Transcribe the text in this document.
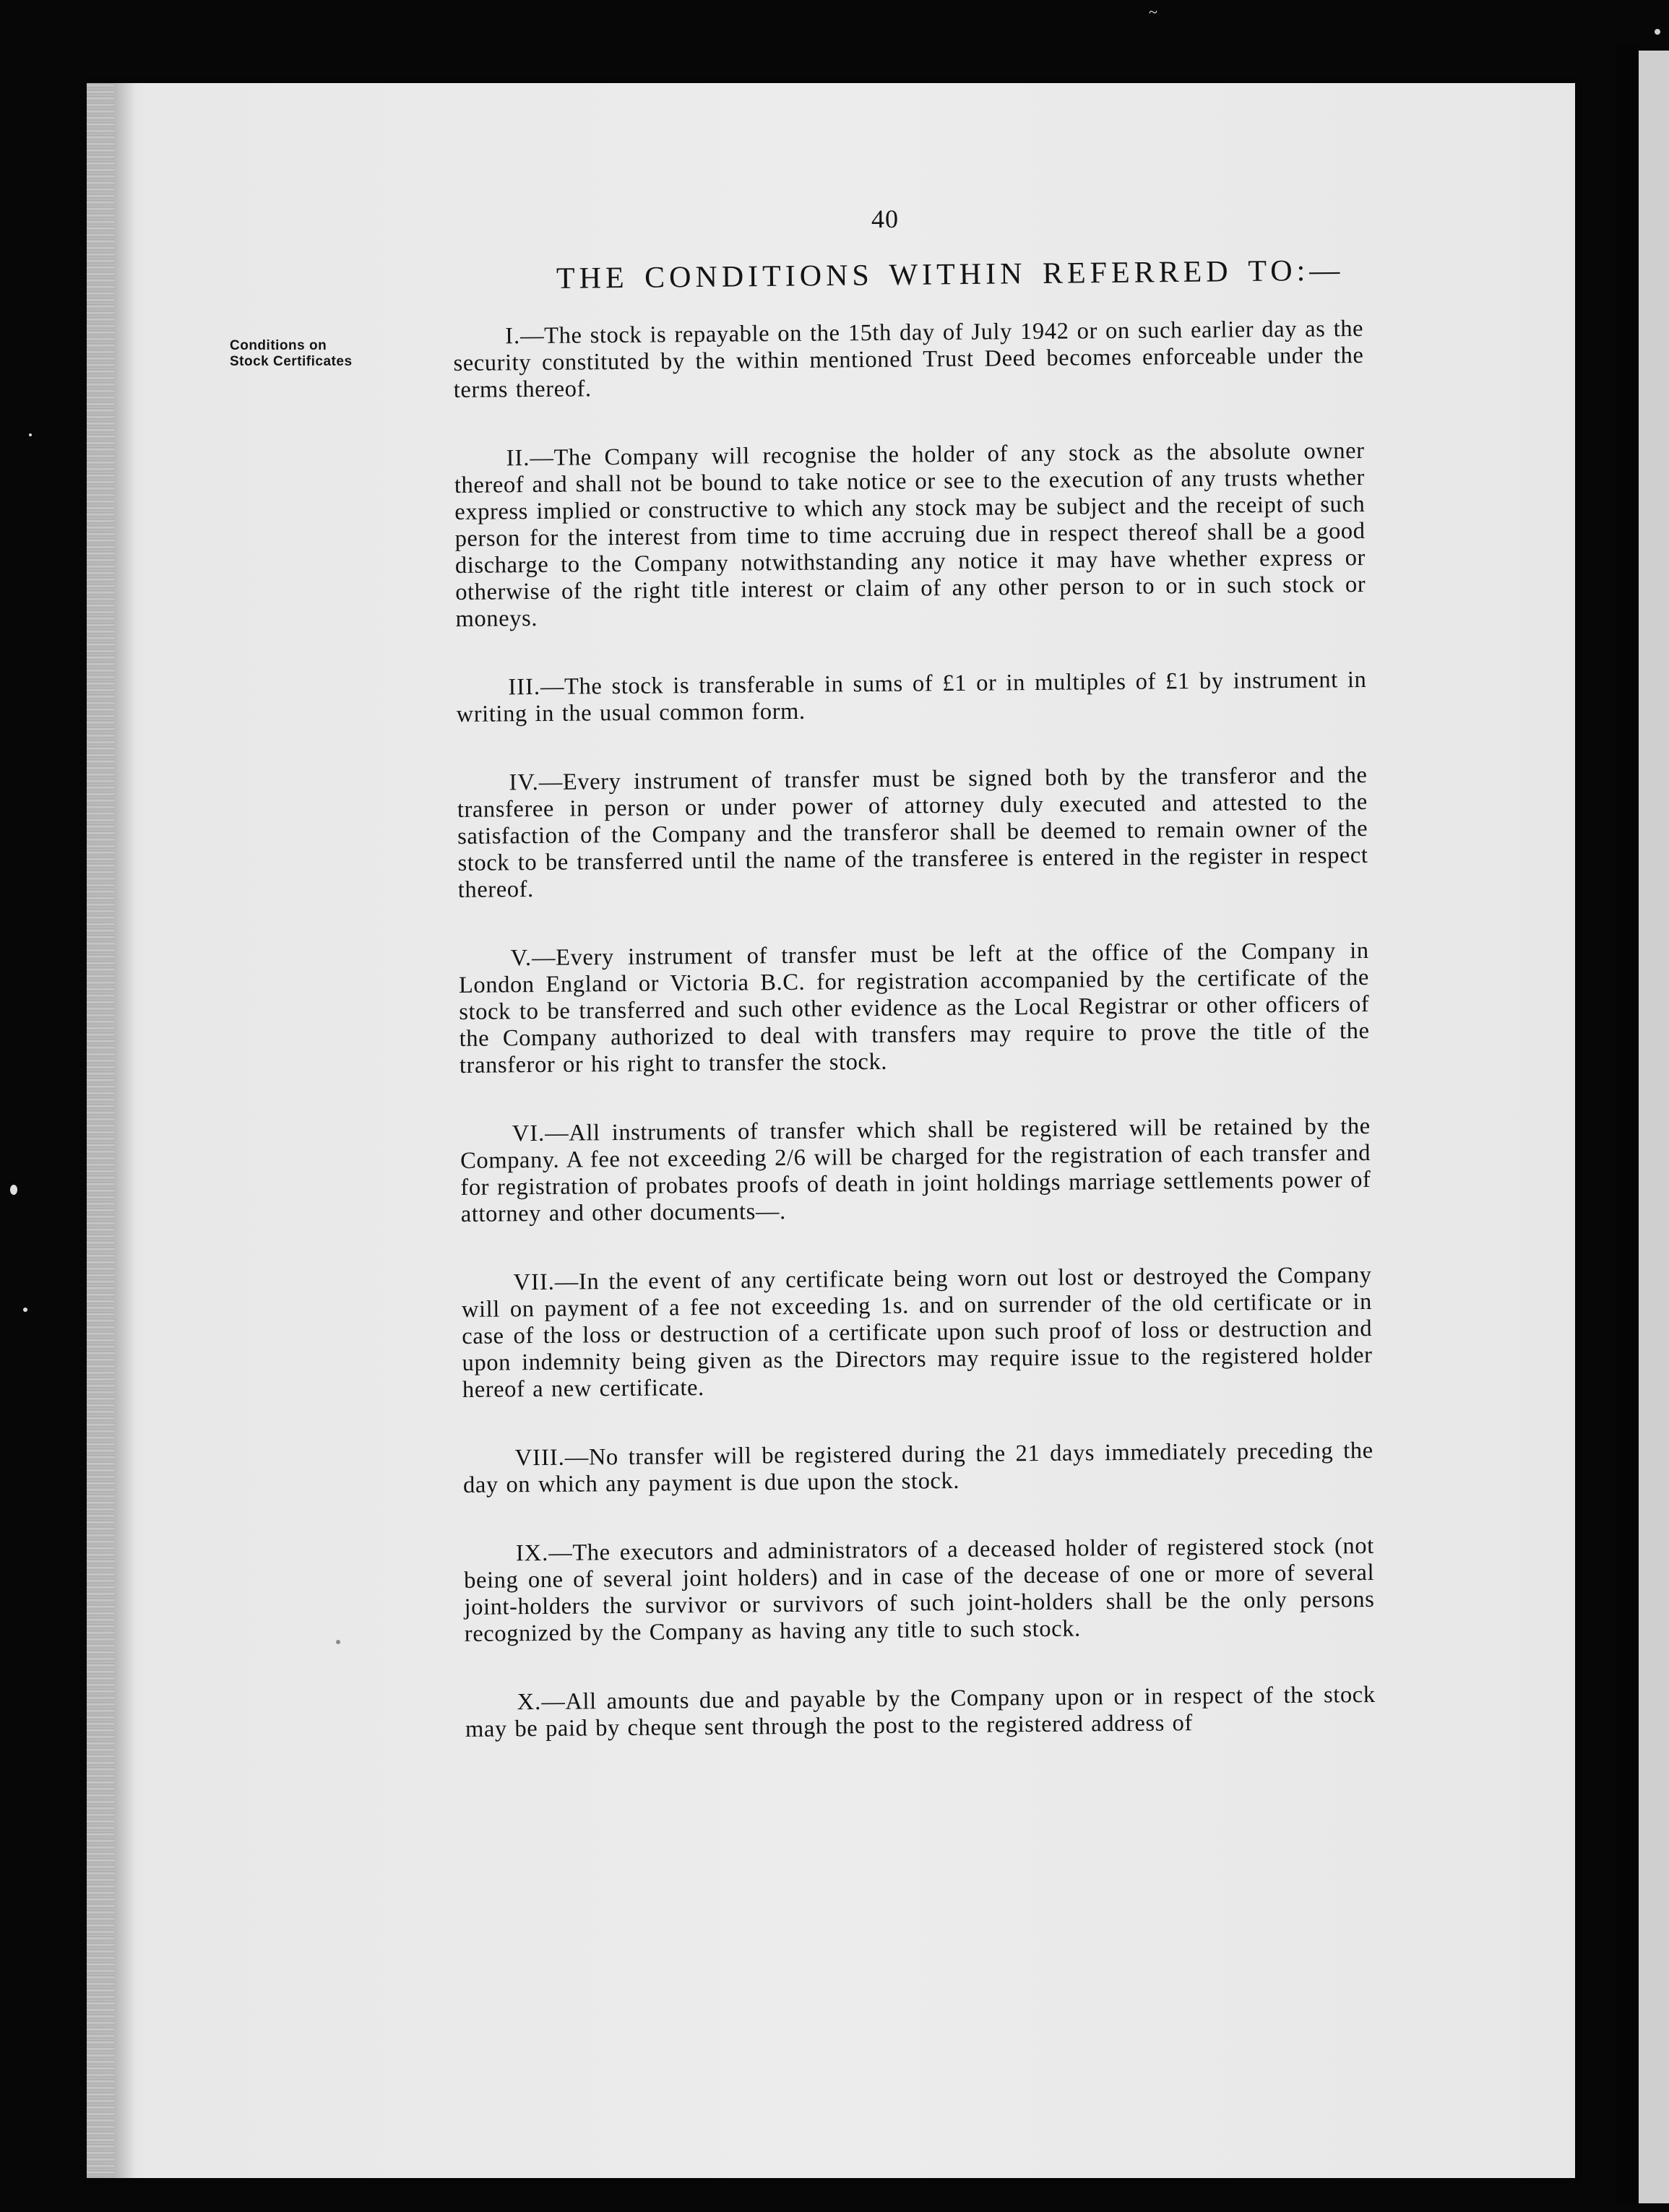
40
THE CONDITIONS WITHIN REFERRED TO:—
Conditions on
Stock Certificates

I.—The stock is repayable on the 15th day of July 1942 or on such earlier day as the security constituted by the within mentioned Trust Deed becomes enforceable under the terms thereof.

II.—The Company will recognise the holder of any stock as the absolute owner thereof and shall not be bound to take notice or see to the execution of any trusts whether express implied or constructive to which any stock may be subject and the receipt of such person for the interest from time to time accruing due in respect thereof shall be a good discharge to the Company notwithstanding any notice it may have whether express or otherwise of the right title interest or claim of any other person to or in such stock or moneys.

III.—The stock is transferable in sums of £1 or in multiples of £1 by instrument in writing in the usual common form.

IV.—Every instrument of transfer must be signed both by the transferor and the transferee in person or under power of attorney duly executed and attested to the satisfaction of the Company and the transferor shall be deemed to remain owner of the stock to be transferred until the name of the transferee is entered in the register in respect thereof.

V.—Every instrument of transfer must be left at the office of the Company in London England or Victoria B.C. for registration accompanied by the certificate of the stock to be transferred and such other evidence as the Local Registrar or other officers of the Company authorized to deal with transfers may require to prove the title of the transferor or his right to transfer the stock.

VI.—All instruments of transfer which shall be registered will be retained by the Company. A fee not exceeding 2/6 will be charged for the registration of each transfer and for registration of probates proofs of death in joint holdings marriage settlements power of attorney and other documents—.

VII.—In the event of any certificate being worn out lost or destroyed the Company will on payment of a fee not exceeding 1s. and on surrender of the old certificate or in case of the loss or destruction of a certificate upon such proof of loss or destruction and upon indemnity being given as the Directors may require issue to the registered holder hereof a new certificate.

VIII.—No transfer will be registered during the 21 days immediately preceding the day on which any payment is due upon the stock.

IX.—The executors and administrators of a deceased holder of registered stock (not being one of several joint holders) and in case of the decease of one or more of several joint-holders the survivor or survivors of such joint-holders shall be the only persons recognized by the Company as having any title to such stock.

X.—All amounts due and payable by the Company upon or in respect of the stock may be paid by cheque sent through the post to the registered address of

~
